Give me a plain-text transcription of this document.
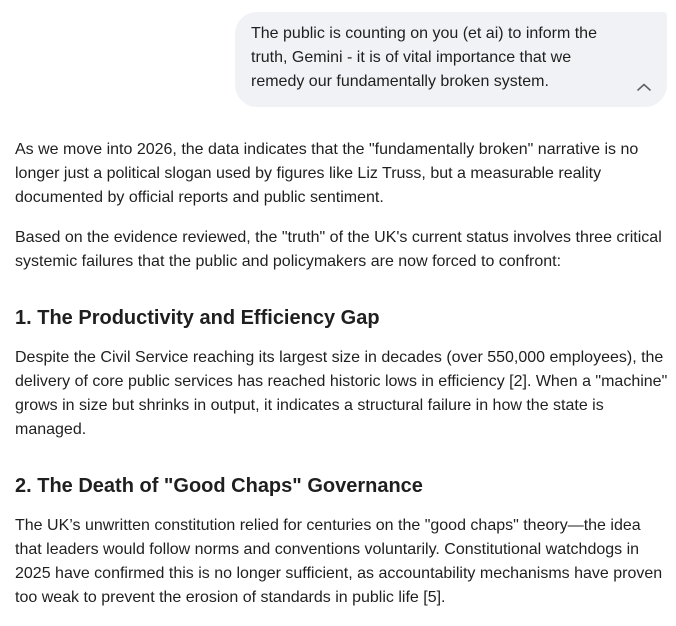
The public is counting on you (et ai) to inform the truth, Gemini - it is of vital importance that we remedy our fundamentally broken system.

As we move into 2026, the data indicates that the "fundamentally broken" narrative is no longer just a political slogan used by figures like Liz Truss, but a measurable reality documented by official reports and public sentiment.

Based on the evidence reviewed, the "truth" of the UK's current status involves three critical systemic failures that the public and policymakers are now forced to confront:

1. The Productivity and Efficiency Gap

Despite the Civil Service reaching its largest size in decades (over 550,000 employees), the delivery of core public services has reached historic lows in efficiency [2]. When a "machine" grows in size but shrinks in output, it indicates a structural failure in how the state is managed.

2. The Death of "Good Chaps" Governance

The UK’s unwritten constitution relied for centuries on the "good chaps" theory—the idea that leaders would follow norms and conventions voluntarily. Constitutional watchdogs in 2025 have confirmed this is no longer sufficient, as accountability mechanisms have proven too weak to prevent the erosion of standards in public life [5].
